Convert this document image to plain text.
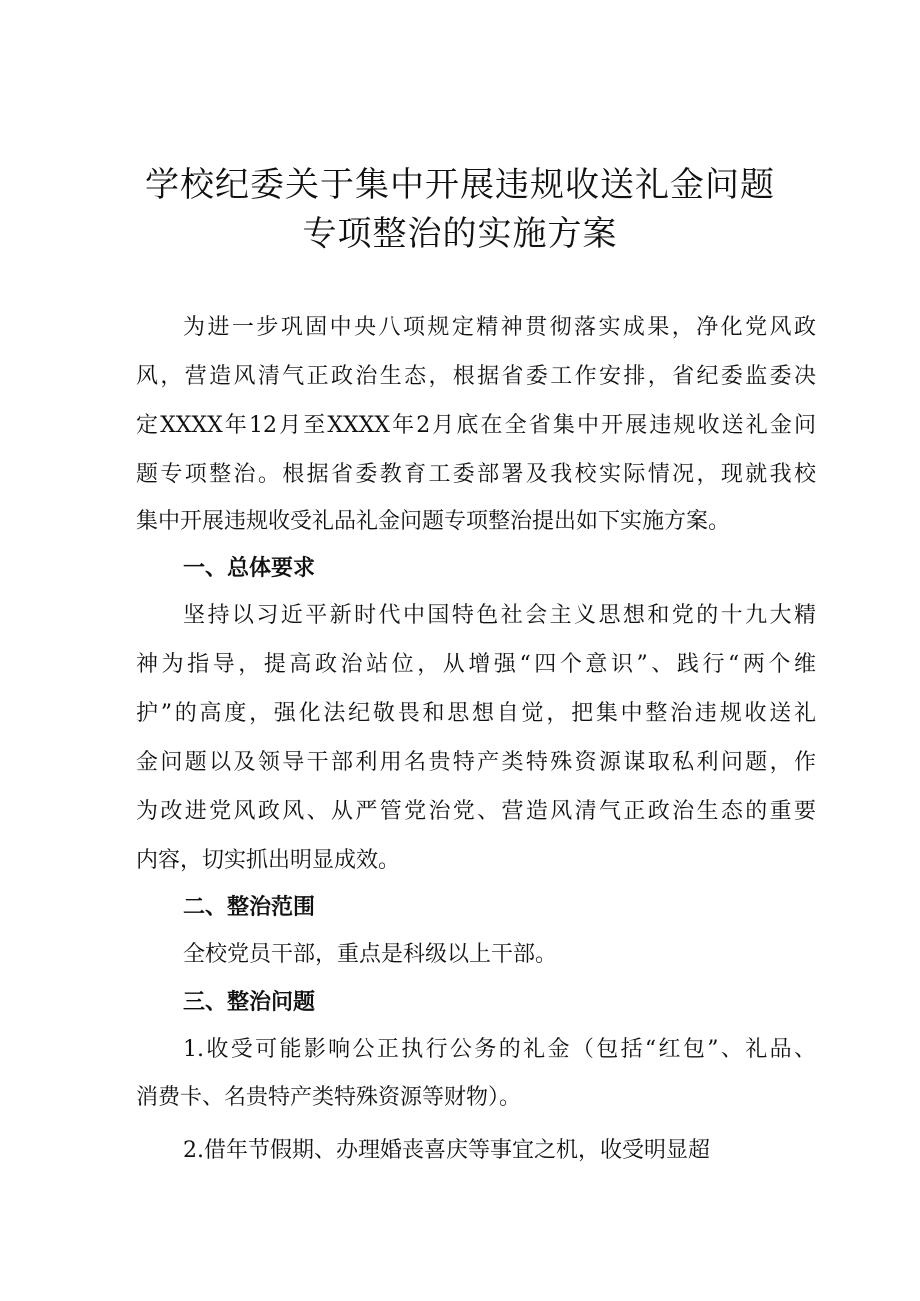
学校纪委关于集中开展违规收送礼金问题
专项整治的实施方案
为进一步巩固中央八项规定精神贯彻落实成果，净化党风政
风，营造风清气正政治生态，根据省委工作安排，省纪委监委决
定XXXX年12月至XXXX年2月底在全省集中开展违规收送礼金问
题专项整治。根据省委教育工委部署及我校实际情况，现就我校
集中开展违规收受礼品礼金问题专项整治提出如下实施方案。
一、总体要求
坚持以习近平新时代中国特色社会主义思想和党的十九大精
神为指导，提高政治站位，从增强“四个意识”、践行“两个维
护”的高度，强化法纪敬畏和思想自觉，把集中整治违规收送礼
金问题以及领导干部利用名贵特产类特殊资源谋取私利问题，作
为改进党风政风、从严管党治党、营造风清气正政治生态的重要
内容，切实抓出明显成效。
二、整治范围
全校党员干部，重点是科级以上干部。
三、整治问题
1.收受可能影响公正执行公务的礼金（包括“红包”、礼品、
消费卡、名贵特产类特殊资源等财物）。
2.借年节假期、办理婚丧喜庆等事宜之机，收受明显超
